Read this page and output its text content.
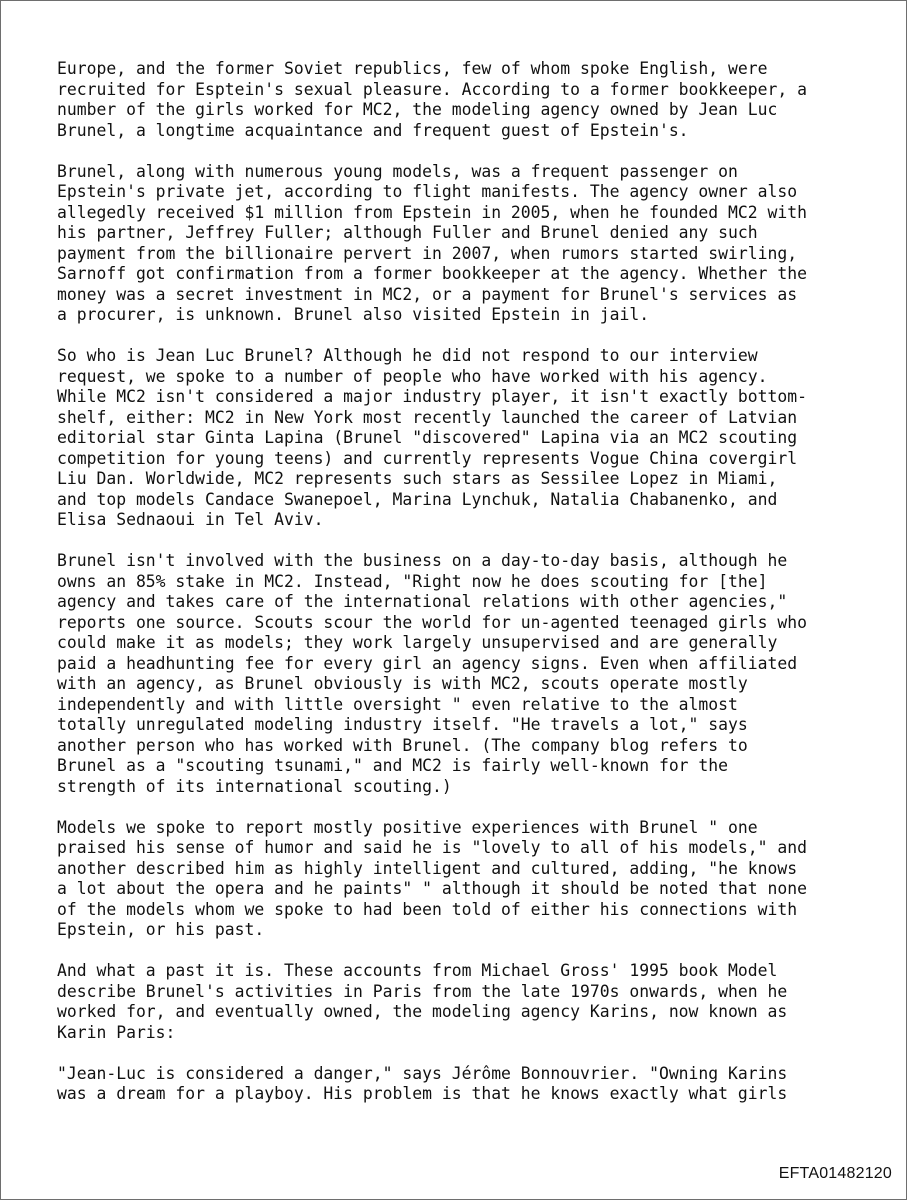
Europe, and the former Soviet republics, few of whom spoke English, were
recruited for Esptein's sexual pleasure. According to a former bookkeeper, a
number of the girls worked for MC2, the modeling agency owned by Jean Luc
Brunel, a longtime acquaintance and frequent guest of Epstein's.
Brunel, along with numerous young models, was a frequent passenger on
Epstein's private jet, according to flight manifests. The agency owner also
allegedly received $1 million from Epstein in 2005, when he founded MC2 with
his partner, Jeffrey Fuller; although Fuller and Brunel denied any such
payment from the billionaire pervert in 2007, when rumors started swirling,
Sarnoff got confirmation from a former bookkeeper at the agency. Whether the
money was a secret investment in MC2, or a payment for Brunel's services as
a procurer, is unknown. Brunel also visited Epstein in jail.
So who is Jean Luc Brunel? Although he did not respond to our interview
request, we spoke to a number of people who have worked with his agency.
While MC2 isn't considered a major industry player, it isn't exactly bottom-
shelf, either: MC2 in New York most recently launched the career of Latvian
editorial star Ginta Lapina (Brunel "discovered" Lapina via an MC2 scouting
competition for young teens) and currently represents Vogue China covergirl
Liu Dan. Worldwide, MC2 represents such stars as Sessilee Lopez in Miami,
and top models Candace Swanepoel, Marina Lynchuk, Natalia Chabanenko, and
Elisa Sednaoui in Tel Aviv.
Brunel isn't involved with the business on a day-to-day basis, although he
owns an 85% stake in MC2. Instead, "Right now he does scouting for [the]
agency and takes care of the international relations with other agencies,"
reports one source. Scouts scour the world for un-agented teenaged girls who
could make it as models; they work largely unsupervised and are generally
paid a headhunting fee for every girl an agency signs. Even when affiliated
with an agency, as Brunel obviously is with MC2, scouts operate mostly
independently and with little oversight " even relative to the almost
totally unregulated modeling industry itself. "He travels a lot," says
another person who has worked with Brunel. (The company blog refers to
Brunel as a "scouting tsunami," and MC2 is fairly well-known for the
strength of its international scouting.)
Models we spoke to report mostly positive experiences with Brunel " one
praised his sense of humor and said he is "lovely to all of his models," and
another described him as highly intelligent and cultured, adding, "he knows
a lot about the opera and he paints" " although it should be noted that none
of the models whom we spoke to had been told of either his connections with
Epstein, or his past.
And what a past it is. These accounts from Michael Gross' 1995 book Model
describe Brunel's activities in Paris from the late 1970s onwards, when he
worked for, and eventually owned, the modeling agency Karins, now known as
Karin Paris:
"Jean-Luc is considered a danger," says Jérôme Bonnouvrier. "Owning Karins
was a dream for a playboy. His problem is that he knows exactly what girls
EFTA01482120
